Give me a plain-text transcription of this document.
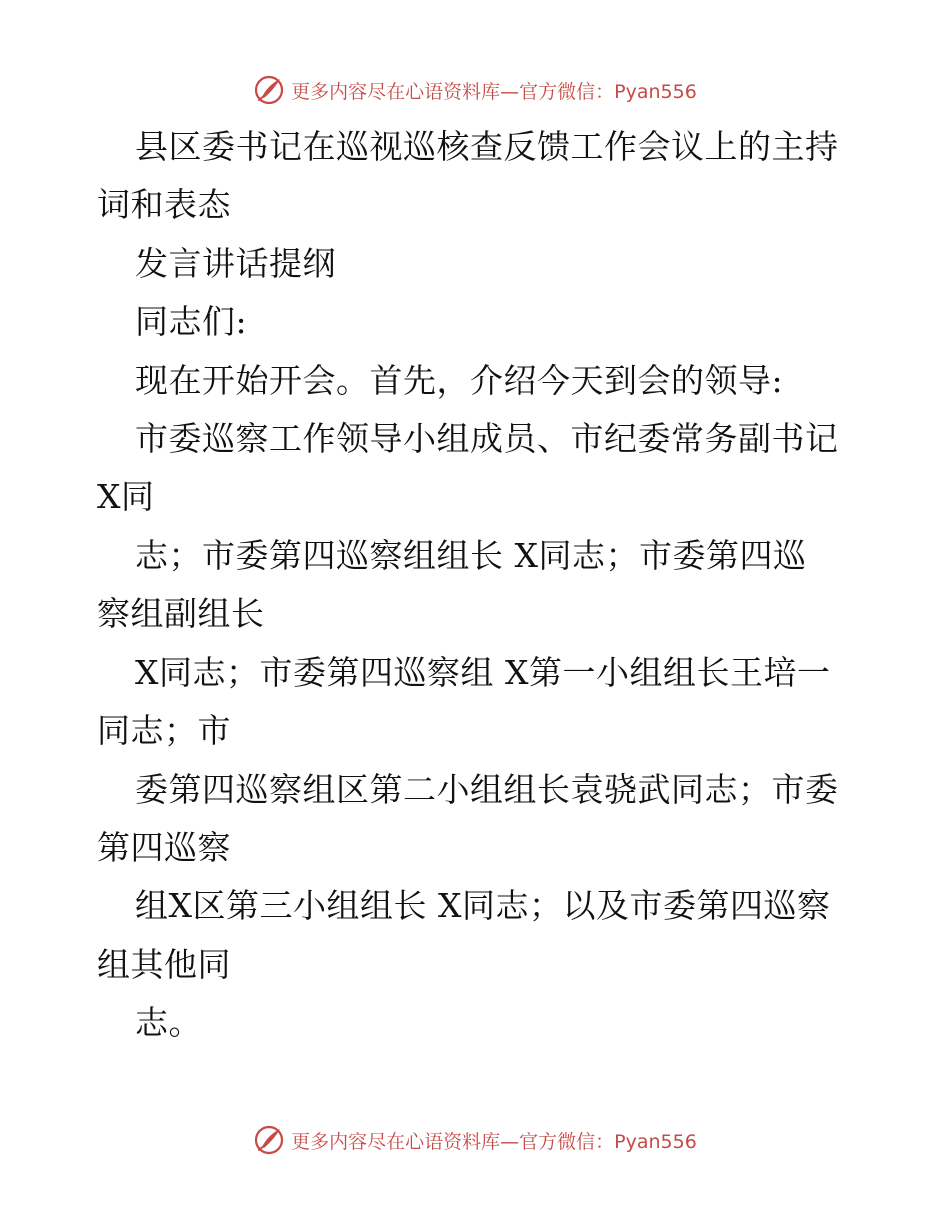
更多内容尽在心语资料库—官方微信：Pyan556
县区委书记在巡视巡核查反馈工作会议上的主持
词和表态
发言讲话提纲
同志们:
现在开始开会。首先，介绍今天到会的领导:
市委巡察工作领导小组成员、市纪委常务副书记
X同
志；市委第四巡察组组长 X同志；市委第四巡
察组副组长
X同志；市委第四巡察组 X第一小组组长王培一
同志；市
委第四巡察组区第二小组组长袁骁武同志；市委
第四巡察
组X区第三小组组长 X同志；以及市委第四巡察
组其他同
志。
更多内容尽在心语资料库—官方微信：Pyan556
